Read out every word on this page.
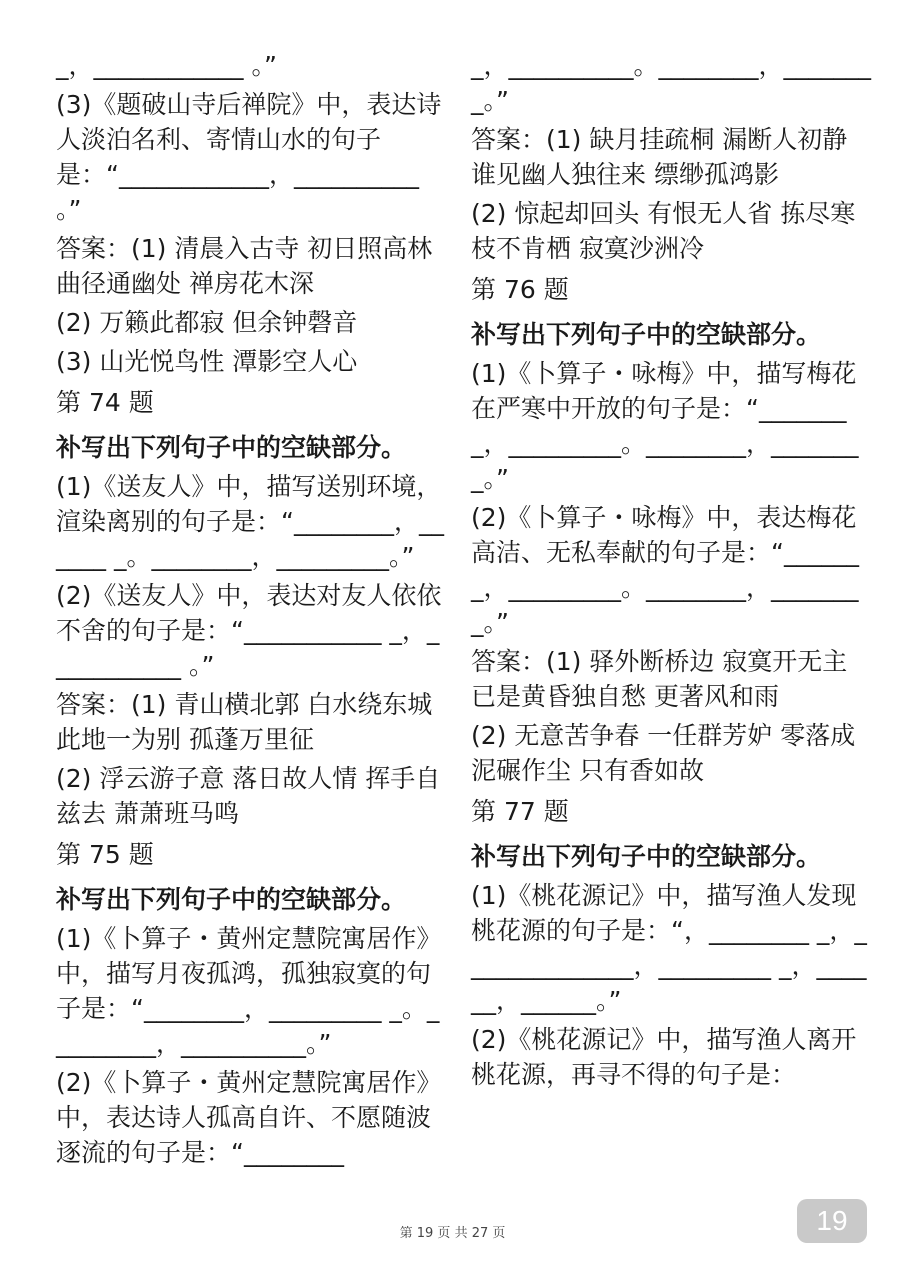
_，____________ 。”
(3)《题破山寺后禅院》中，表达诗人淡泊名利、寄情山水的句子是：“____________，__________ 。”
答案：(1) 清晨入古寺 初日照高林 曲径通幽处 禅房花木深
(2) 万籁此都寂 但余钟磬音
(3) 山光悦鸟性 潭影空人心
第 74 题
补写出下列句子中的空缺部分。
(1)《送友人》中，描写送别环境，渲染离别的句子是：“________，______ _。________，_________。”
(2)《送友人》中，表达对友人依依不舍的句子是：“___________ _，___________ 。”
答案：(1) 青山横北郭 白水绕东城 此地一为别 孤蓬万里征
(2) 浮云游子意 落日故人情 挥手自兹去 萧萧班马鸣
第 75 题
补写出下列句子中的空缺部分。
(1)《卜算子・黄州定慧院寓居作》中，描写月夜孤鸿，孤独寂寞的句子是：“________，_________ _。_________，__________。”
(2)《卜算子・黄州定慧院寓居作》中，表达诗人孤高自许、不愿随波逐流的句子是：“________
_，__________。________，_______ _。”
答案：(1) 缺月挂疏桐 漏断人初静 谁见幽人独往来 缥缈孤鸿影
(2) 惊起却回头 有恨无人省 拣尽寒枝不肯栖 寂寞沙洲冷
第 76 题
补写出下列句子中的空缺部分。
(1)《卜算子・咏梅》中，描写梅花在严寒中开放的句子是：“_______ _，_________。________，_______ _。”
(2)《卜算子・咏梅》中，表达梅花高洁、无私奉献的句子是：“______ _，_________。________，_______ _。”
答案：(1) 驿外断桥边 寂寞开无主 已是黄昏独自愁 更著风和雨
(2) 无意苦争春 一任群芳妒 零落成泥碾作尘 只有香如故
第 77 题
补写出下列句子中的空缺部分。
(1)《桃花源记》中，描写渔人发现桃花源的句子是：“，________ _，______________，_________ _，______，______。”
(2)《桃花源记》中，描写渔人离开桃花源，再寻不得的句子是：
第 19 页 共 27 页	19
